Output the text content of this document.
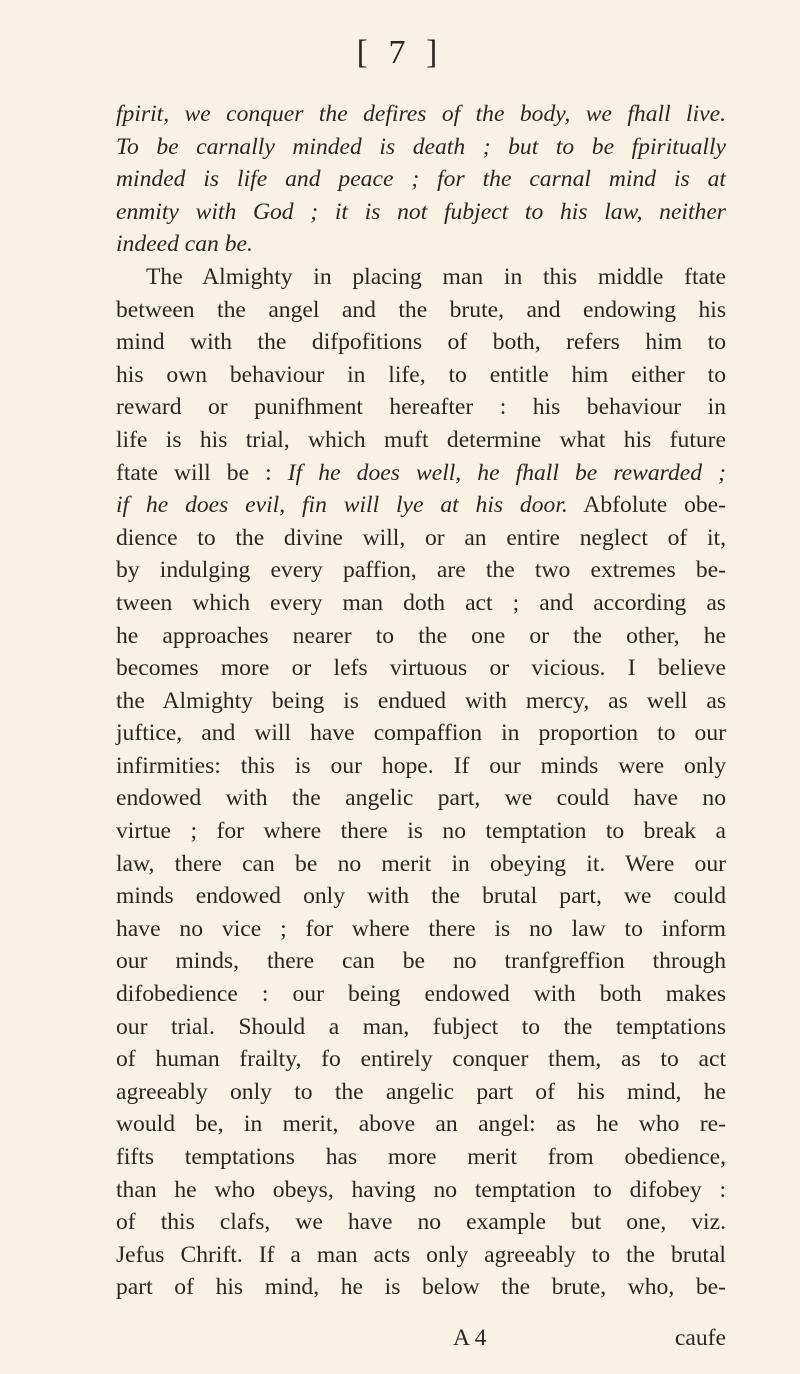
[ 7 ]
fpirit, we conquer the defires of the body, we fhall live.
To be carnally minded is death ; but to be fpiritually
minded is life and peace ; for the carnal mind is at
enmity with God ; it is not fubject to his law, neither
indeed can be.
The Almighty in placing man in this middle ftate
between the angel and the brute, and endowing his
mind with the difpofitions of both, refers him to
his own behaviour in life, to entitle him either to
reward or punifhment hereafter : his behaviour in
life is his trial, which muft determine what his future
ftate will be : If he does well, he fhall be rewarded ;
if he does evil, fin will lye at his door. Abfolute obe-
dience to the divine will, or an entire neglect of it,
by indulging every paffion, are the two extremes be-
tween which every man doth act ; and according as
he approaches nearer to the one or the other, he
becomes more or lefs virtuous or vicious. I believe
the Almighty being is endued with mercy, as well as
juftice, and will have compaffion in proportion to our
infirmities: this is our hope. If our minds were only
endowed with the angelic part, we could have no
virtue ; for where there is no temptation to break a
law, there can be no merit in obeying it. Were our
minds endowed only with the brutal part, we could
have no vice ; for where there is no law to inform
our minds, there can be no tranfgreffion through
difobedience : our being endowed with both makes
our trial. Should a man, fubject to the temptations
of human frailty, fo entirely conquer them, as to act
agreeably only to the angelic part of his mind, he
would be, in merit, above an angel: as he who re-
fifts temptations has more merit from obedience,
than he who obeys, having no temptation to difobey :
of this clafs, we have no example but one, viz.
Jefus Chrift. If a man acts only agreeably to the brutal
part of his mind, he is below the brute, who, be-
A 4	caufe
